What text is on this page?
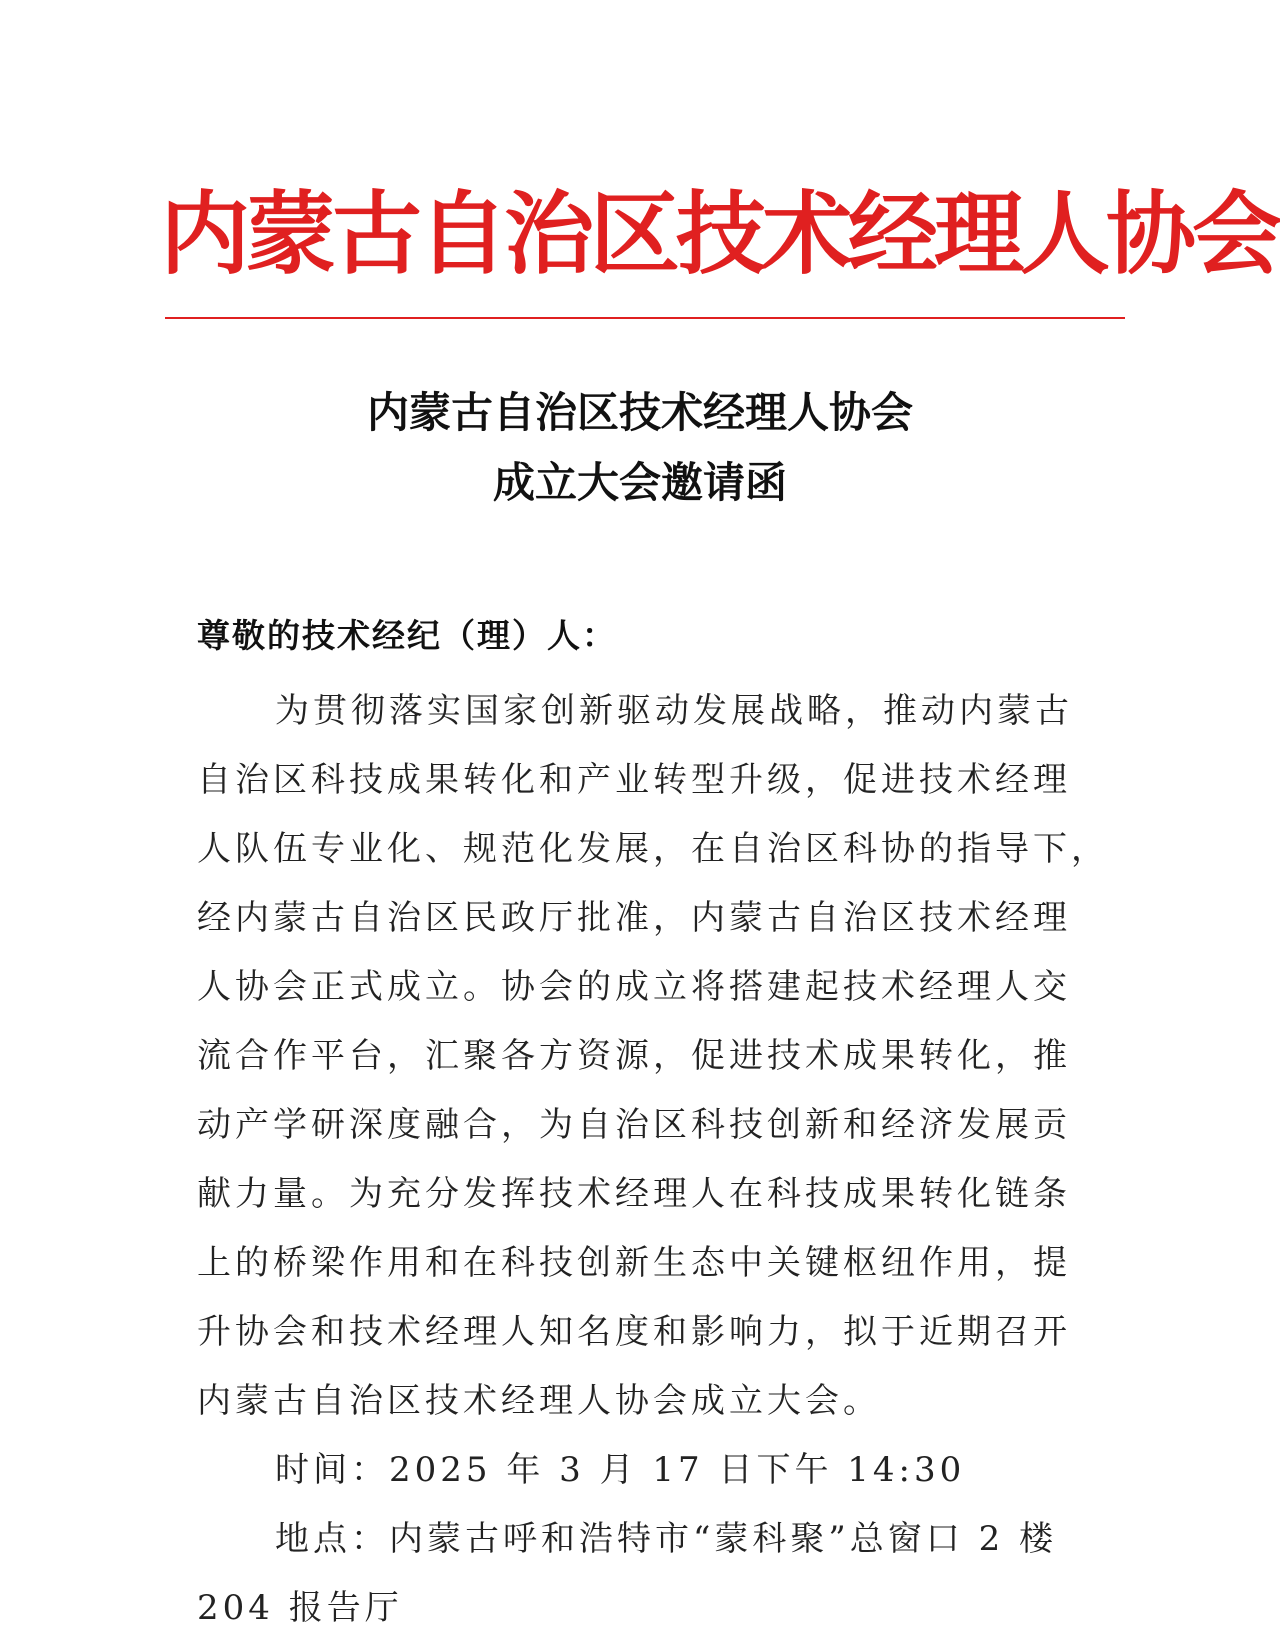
内蒙古自治区技术经理人协会
内蒙古自治区技术经理人协会
成立大会邀请函
尊敬的技术经纪（理）人：
为贯彻落实国家创新驱动发展战略，推动内蒙古
自治区科技成果转化和产业转型升级，促进技术经理
人队伍专业化、规范化发展，在自治区科协的指导下，
经内蒙古自治区民政厅批准，内蒙古自治区技术经理
人协会正式成立。协会的成立将搭建起技术经理人交
流合作平台，汇聚各方资源，促进技术成果转化，推
动产学研深度融合，为自治区科技创新和经济发展贡
献力量。为充分发挥技术经理人在科技成果转化链条
上的桥梁作用和在科技创新生态中关键枢纽作用，提
升协会和技术经理人知名度和影响力，拟于近期召开
内蒙古自治区技术经理人协会成立大会。
时间：2025 年 3 月 17 日下午 14:30
地点：内蒙古呼和浩特市“蒙科聚”总窗口 2 楼
204 报告厅
